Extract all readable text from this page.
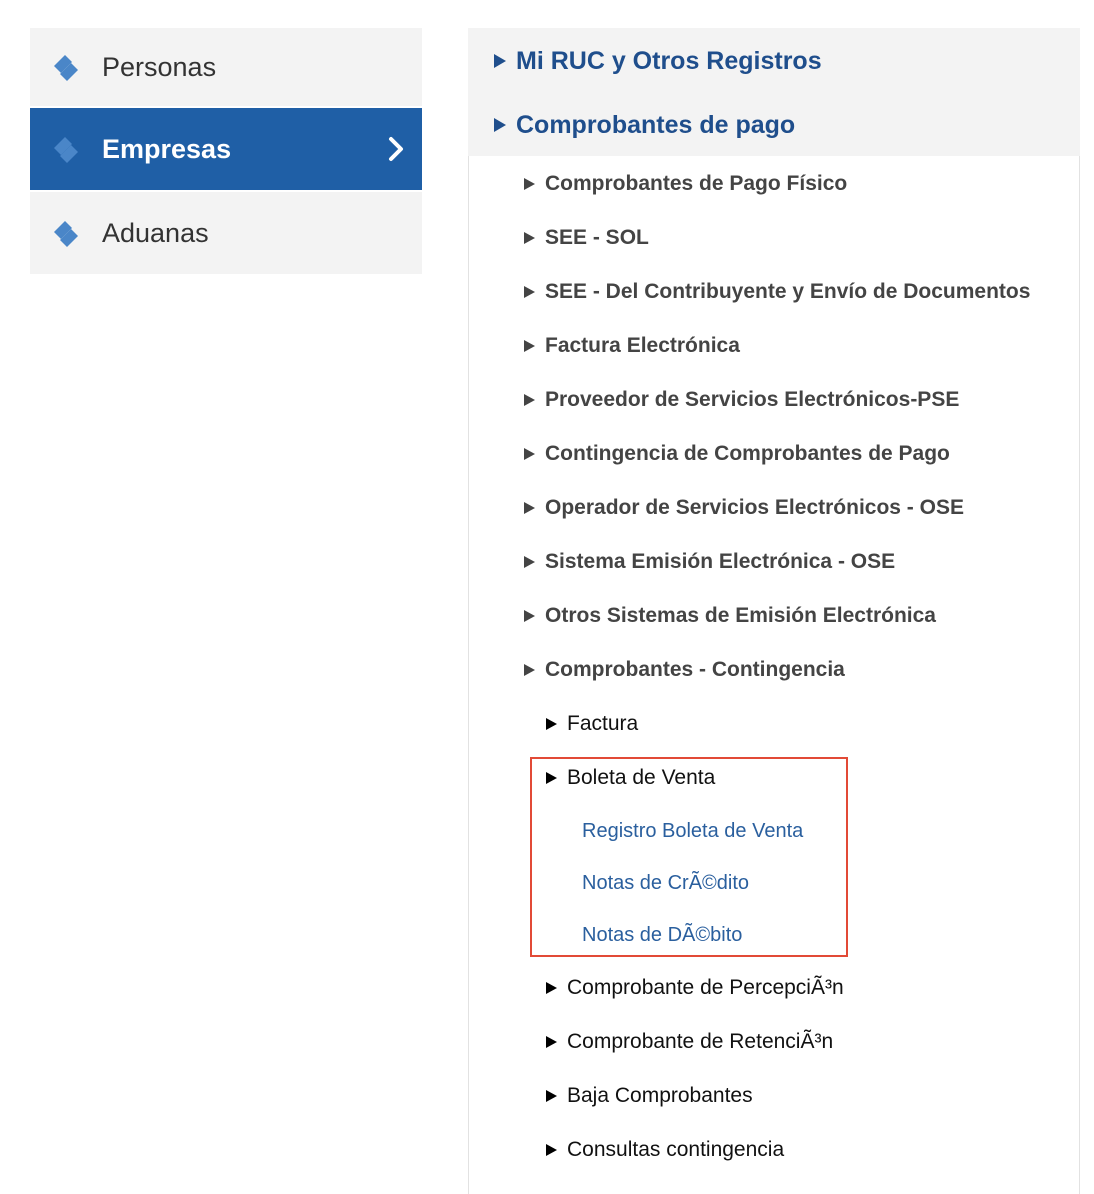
Personas
Empresas
Aduanas
Mi RUC y Otros Registros
Comprobantes de pago
Comprobantes de Pago Físico
SEE - SOL
SEE - Del Contribuyente y Envío de Documentos
Factura Electrónica
Proveedor de Servicios Electrónicos-PSE
Contingencia de Comprobantes de Pago
Operador de Servicios Electrónicos - OSE
Sistema Emisión Electrónica - OSE
Otros Sistemas de Emisión Electrónica
Comprobantes - Contingencia
Factura
Boleta de Venta
Registro Boleta de Venta
Notas de CrÃ©dito
Notas de DÃ©bito
Comprobante de PercepciÃ³n
Comprobante de RetenciÃ³n
Baja Comprobantes
Consultas contingencia
